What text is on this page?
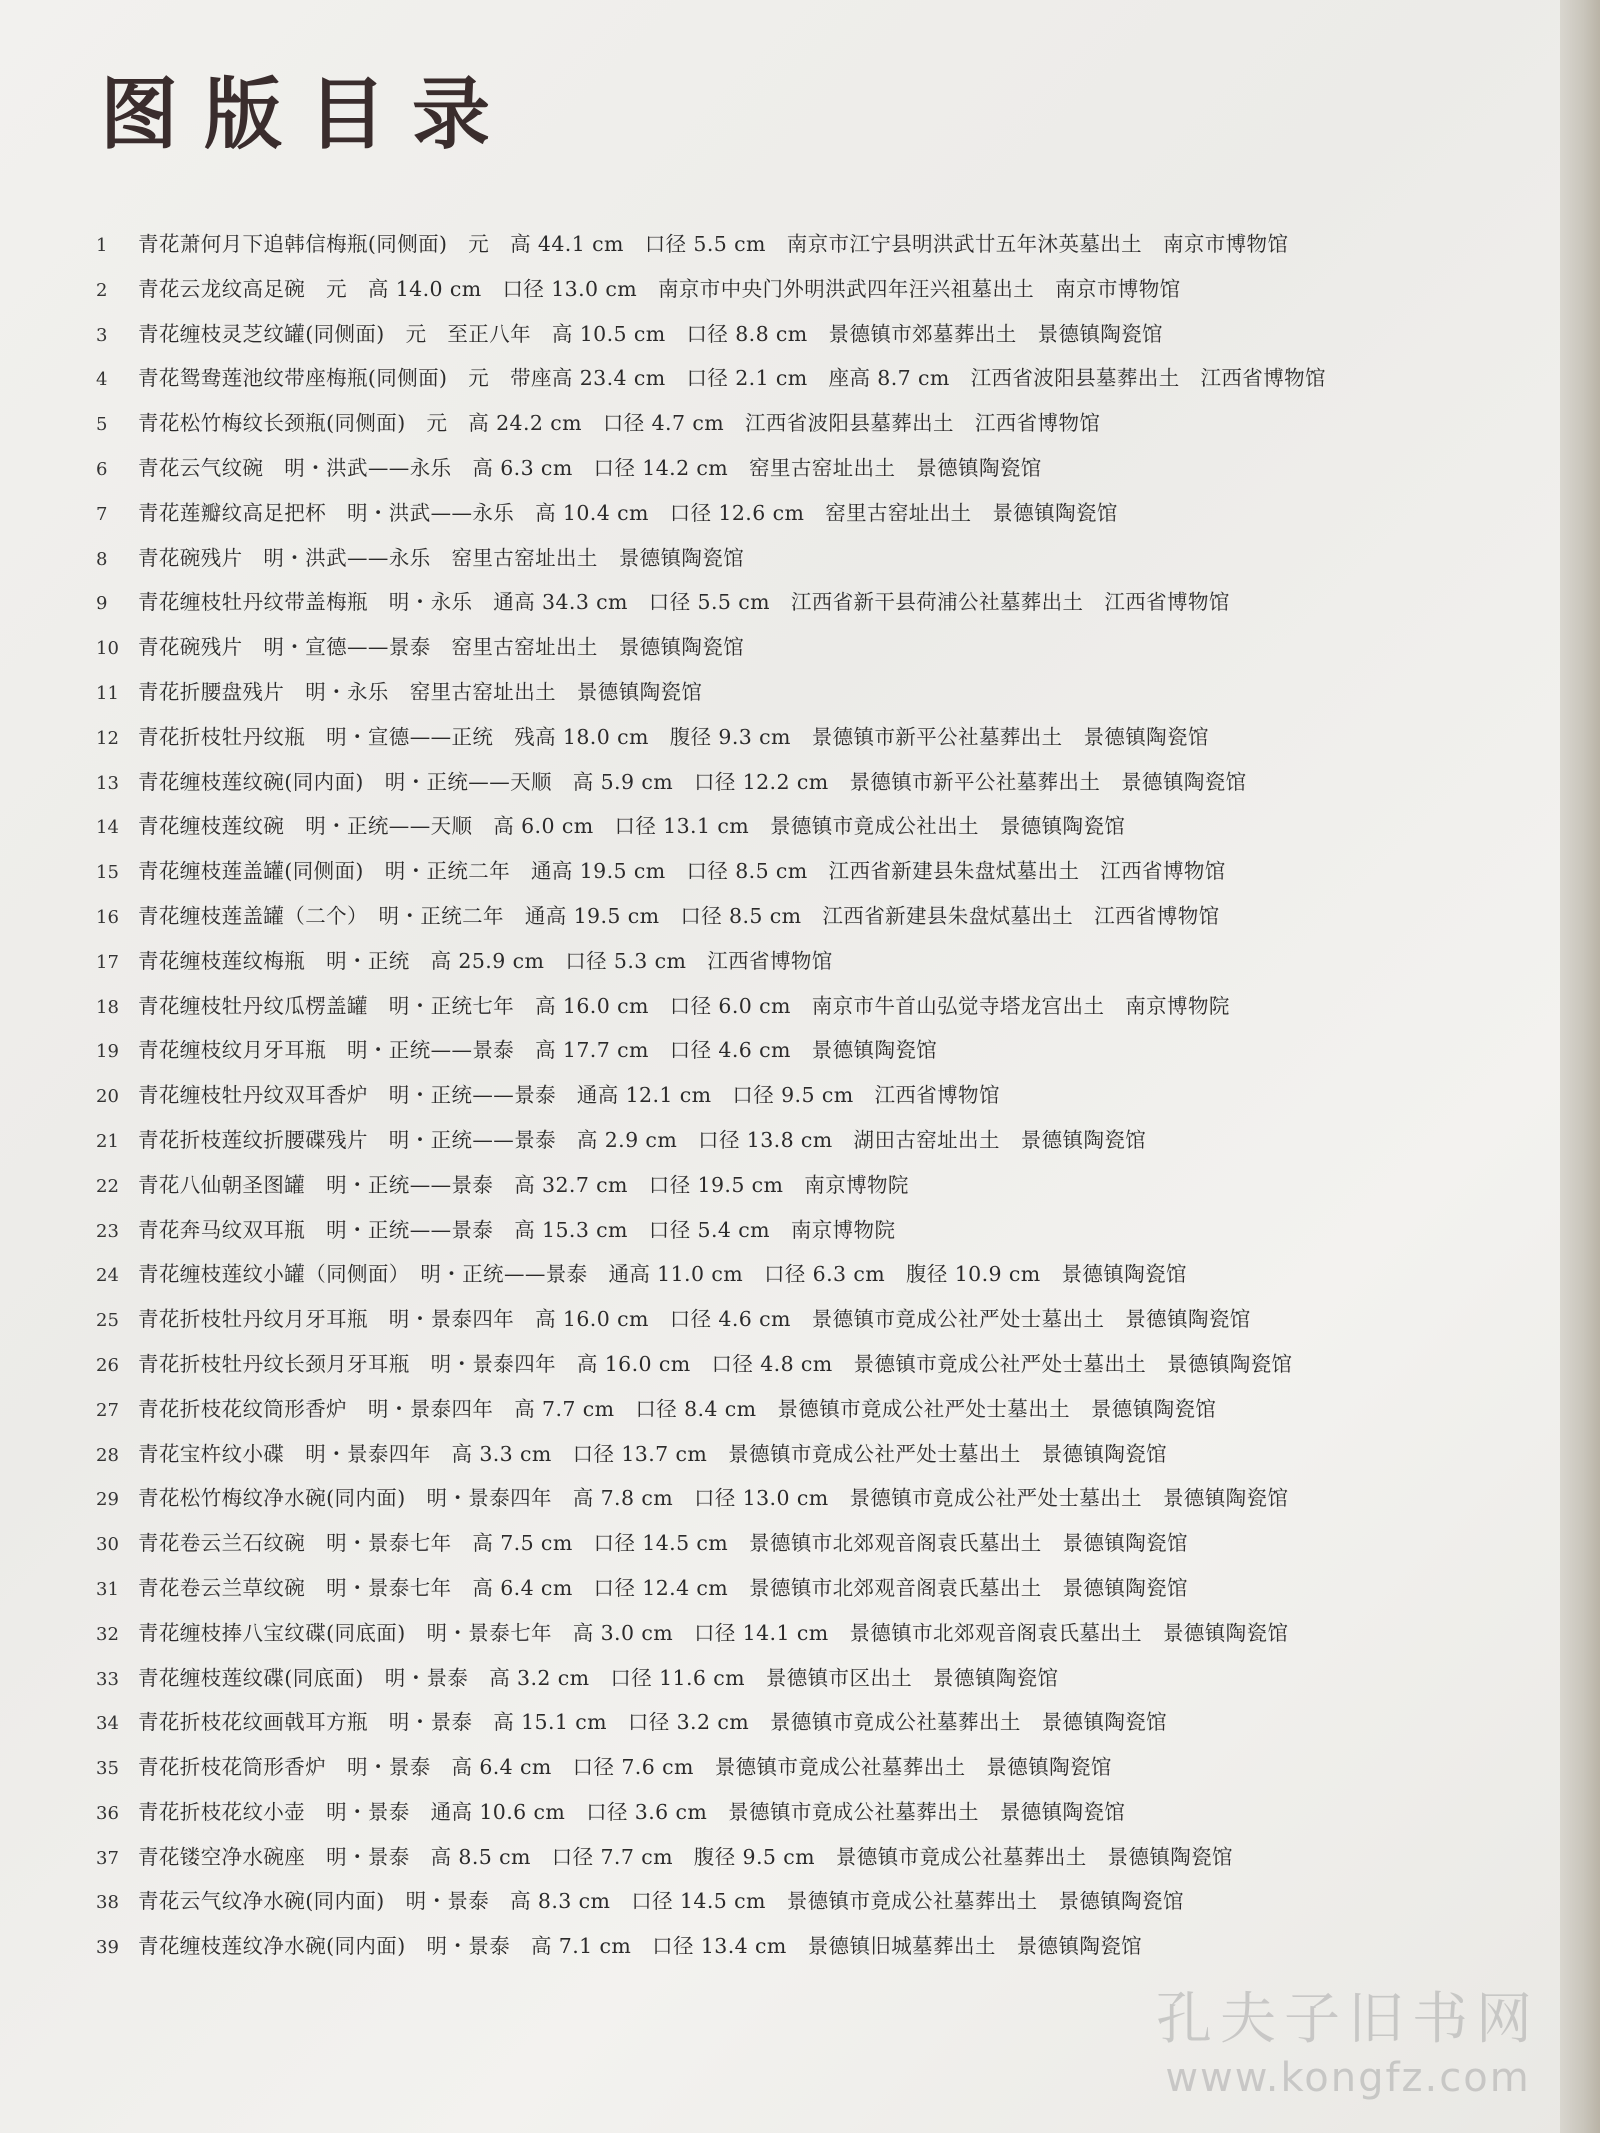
图版目录
1 青花萧何月下追韩信梅瓶(同侧面)　元　高 44.1 cm　口径 5.5 cm　南京市江宁县明洪武廿五年沐英墓出土　南京市博物馆
2 青花云龙纹高足碗　元　高 14.0 cm　口径 13.0 cm　南京市中央门外明洪武四年汪兴祖墓出土　南京市博物馆
3 青花缠枝灵芝纹罐(同侧面)　元　至正八年　高 10.5 cm　口径 8.8 cm　景德镇市郊墓葬出土　景德镇陶瓷馆
4 青花鸳鸯莲池纹带座梅瓶(同侧面)　元　带座高 23.4 cm　口径 2.1 cm　座高 8.7 cm　江西省波阳县墓葬出土　江西省博物馆
5 青花松竹梅纹长颈瓶(同侧面)　元　高 24.2 cm　口径 4.7 cm　江西省波阳县墓葬出土　江西省博物馆
6 青花云气纹碗　明・洪武——永乐　高 6.3 cm　口径 14.2 cm　窑里古窑址出土　景德镇陶瓷馆
7 青花莲瓣纹高足把杯　明・洪武——永乐　高 10.4 cm　口径 12.6 cm　窑里古窑址出土　景德镇陶瓷馆
8 青花碗残片　明・洪武——永乐　窑里古窑址出土　景德镇陶瓷馆
9 青花缠枝牡丹纹带盖梅瓶　明・永乐　通高 34.3 cm　口径 5.5 cm　江西省新干县荷浦公社墓葬出土　江西省博物馆
10 青花碗残片　明・宣德——景泰　窑里古窑址出土　景德镇陶瓷馆
11 青花折腰盘残片　明・永乐　窑里古窑址出土　景德镇陶瓷馆
12 青花折枝牡丹纹瓶　明・宣德——正统　残高 18.0 cm　腹径 9.3 cm　景德镇市新平公社墓葬出土　景德镇陶瓷馆
13 青花缠枝莲纹碗(同内面)　明・正统——天顺　高 5.9 cm　口径 12.2 cm　景德镇市新平公社墓葬出土　景德镇陶瓷馆
14 青花缠枝莲纹碗　明・正统——天顺　高 6.0 cm　口径 13.1 cm　景德镇市竟成公社出土　景德镇陶瓷馆
15 青花缠枝莲盖罐(同侧面)　明・正统二年　通高 19.5 cm　口径 8.5 cm　江西省新建县朱盘烒墓出土　江西省博物馆
16 青花缠枝莲盖罐（二个）　明・正统二年　通高 19.5 cm　口径 8.5 cm　江西省新建县朱盘烒墓出土　江西省博物馆
17 青花缠枝莲纹梅瓶　明・正统　高 25.9 cm　口径 5.3 cm　江西省博物馆
18 青花缠枝牡丹纹瓜楞盖罐　明・正统七年　高 16.0 cm　口径 6.0 cm　南京市牛首山弘觉寺塔龙宫出土　南京博物院
19 青花缠枝纹月牙耳瓶　明・正统——景泰　高 17.7 cm　口径 4.6 cm　景德镇陶瓷馆
20 青花缠枝牡丹纹双耳香炉　明・正统——景泰　通高 12.1 cm　口径 9.5 cm　江西省博物馆
21 青花折枝莲纹折腰碟残片　明・正统——景泰　高 2.9 cm　口径 13.8 cm　湖田古窑址出土　景德镇陶瓷馆
22 青花八仙朝圣图罐　明・正统——景泰　高 32.7 cm　口径 19.5 cm　南京博物院
23 青花奔马纹双耳瓶　明・正统——景泰　高 15.3 cm　口径 5.4 cm　南京博物院
24 青花缠枝莲纹小罐（同侧面）　明・正统——景泰　通高 11.0 cm　口径 6.3 cm　腹径 10.9 cm　景德镇陶瓷馆
25 青花折枝牡丹纹月牙耳瓶　明・景泰四年　高 16.0 cm　口径 4.6 cm　景德镇市竟成公社严处士墓出土　景德镇陶瓷馆
26 青花折枝牡丹纹长颈月牙耳瓶　明・景泰四年　高 16.0 cm　口径 4.8 cm　景德镇市竟成公社严处士墓出土　景德镇陶瓷馆
27 青花折枝花纹筒形香炉　明・景泰四年　高 7.7 cm　口径 8.4 cm　景德镇市竟成公社严处士墓出土　景德镇陶瓷馆
28 青花宝杵纹小碟　明・景泰四年　高 3.3 cm　口径 13.7 cm　景德镇市竟成公社严处士墓出土　景德镇陶瓷馆
29 青花松竹梅纹净水碗(同内面)　明・景泰四年　高 7.8 cm　口径 13.0 cm　景德镇市竟成公社严处士墓出土　景德镇陶瓷馆
30 青花卷云兰石纹碗　明・景泰七年　高 7.5 cm　口径 14.5 cm　景德镇市北郊观音阁袁氏墓出土　景德镇陶瓷馆
31 青花卷云兰草纹碗　明・景泰七年　高 6.4 cm　口径 12.4 cm　景德镇市北郊观音阁袁氏墓出土　景德镇陶瓷馆
32 青花缠枝捧八宝纹碟(同底面)　明・景泰七年　高 3.0 cm　口径 14.1 cm　景德镇市北郊观音阁袁氏墓出土　景德镇陶瓷馆
33 青花缠枝莲纹碟(同底面)　明・景泰　高 3.2 cm　口径 11.6 cm　景德镇市区出土　景德镇陶瓷馆
34 青花折枝花纹画戟耳方瓶　明・景泰　高 15.1 cm　口径 3.2 cm　景德镇市竟成公社墓葬出土　景德镇陶瓷馆
35 青花折枝花筒形香炉　明・景泰　高 6.4 cm　口径 7.6 cm　景德镇市竟成公社墓葬出土　景德镇陶瓷馆
36 青花折枝花纹小壶　明・景泰　通高 10.6 cm　口径 3.6 cm　景德镇市竟成公社墓葬出土　景德镇陶瓷馆
37 青花镂空净水碗座　明・景泰　高 8.5 cm　口径 7.7 cm　腹径 9.5 cm　景德镇市竟成公社墓葬出土　景德镇陶瓷馆
38 青花云气纹净水碗(同内面)　明・景泰　高 8.3 cm　口径 14.5 cm　景德镇市竟成公社墓葬出土　景德镇陶瓷馆
39 青花缠枝莲纹净水碗(同内面)　明・景泰　高 7.1 cm　口径 13.4 cm　景德镇旧城墓葬出土　景德镇陶瓷馆
孔夫子旧书网
www.kongfz.com
